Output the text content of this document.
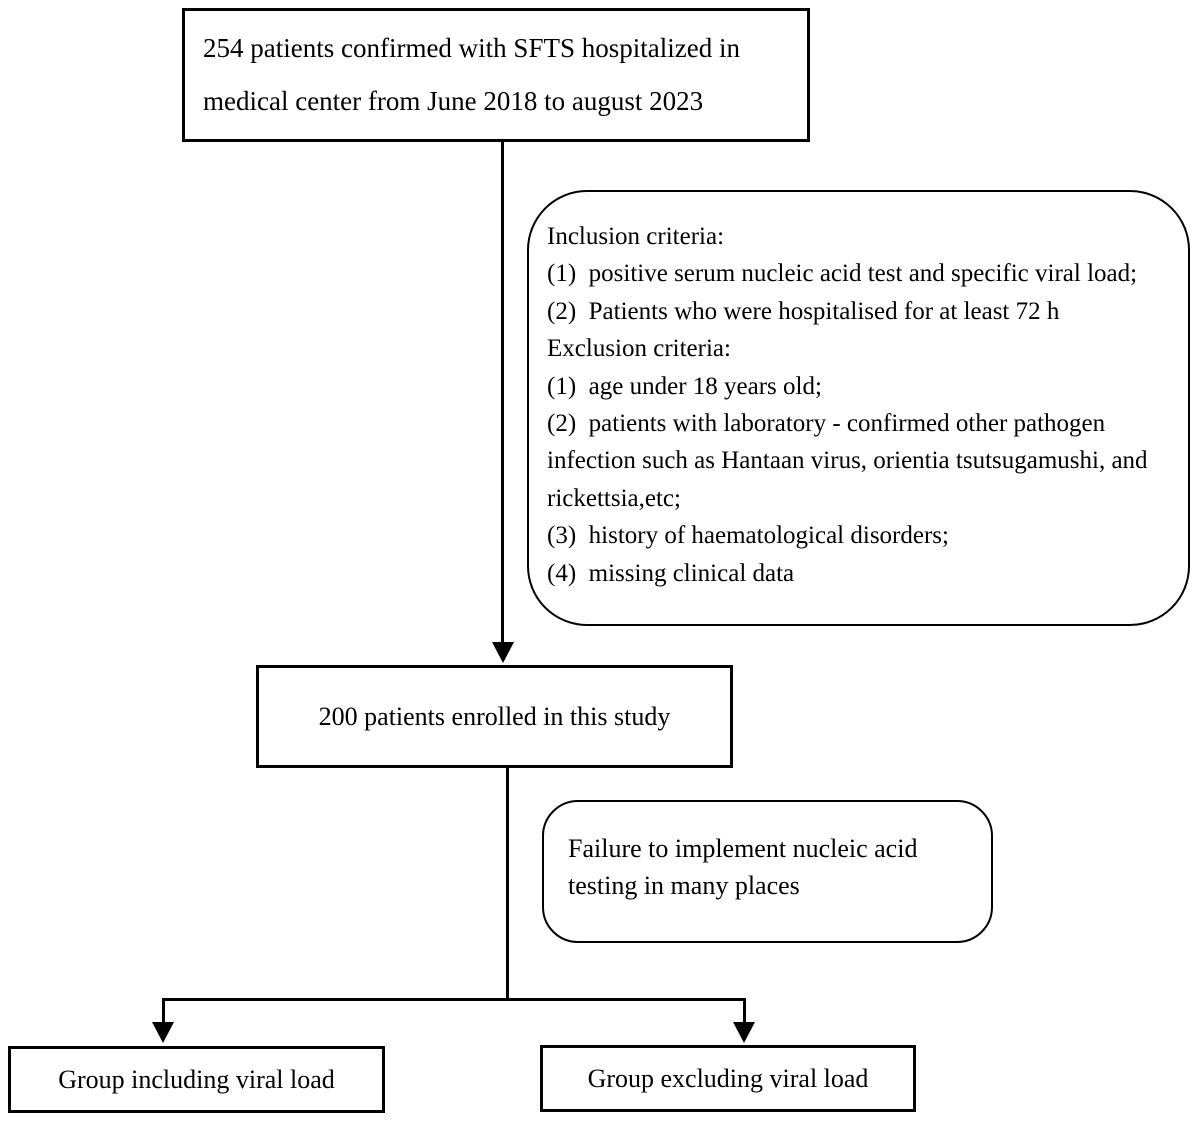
254 patients confirmed with SFTS hospitalized in
medical center from June 2018 to august 2023
Inclusion criteria:
(1) positive serum nucleic acid test and specific viral load;
(2) Patients who were hospitalised for at least 72 h
Exclusion criteria:
(1) age under 18 years old;
(2) patients with laboratory - confirmed other pathogen
infection such as Hantaan virus, orientia tsutsugamushi, and
rickettsia,etc;
(3) history of haematological disorders;
(4) missing clinical data
200 patients enrolled in this study
Failure to implement nucleic acid
testing in many places
Group including viral load	Group excluding viral load
